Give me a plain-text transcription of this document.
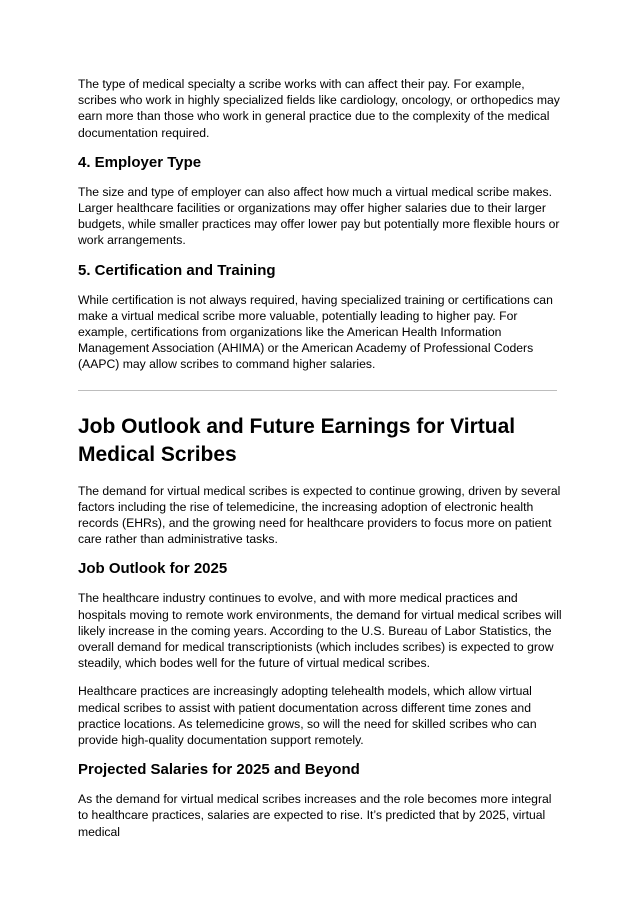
The type of medical specialty a scribe works with can affect their pay. For example, scribes who work in highly specialized fields like cardiology, oncology, or orthopedics may earn more than those who work in general practice due to the complexity of the medical documentation required.

4. Employer Type

The size and type of employer can also affect how much a virtual medical scribe makes. Larger healthcare facilities or organizations may offer higher salaries due to their larger budgets, while smaller practices may offer lower pay but potentially more flexible hours or work arrangements.

5. Certification and Training

While certification is not always required, having specialized training or certifications can make a virtual medical scribe more valuable, potentially leading to higher pay. For example, certifications from organizations like the American Health Information Management Association (AHIMA) or the American Academy of Professional Coders (AAPC) may allow scribes to command higher salaries.

Job Outlook and Future Earnings for Virtual Medical Scribes

The demand for virtual medical scribes is expected to continue growing, driven by several factors including the rise of telemedicine, the increasing adoption of electronic health records (EHRs), and the growing need for healthcare providers to focus more on patient care rather than administrative tasks.

Job Outlook for 2025

The healthcare industry continues to evolve, and with more medical practices and hospitals moving to remote work environments, the demand for virtual medical scribes will likely increase in the coming years. According to the U.S. Bureau of Labor Statistics, the overall demand for medical transcriptionists (which includes scribes) is expected to grow steadily, which bodes well for the future of virtual medical scribes.

Healthcare practices are increasingly adopting telehealth models, which allow virtual medical scribes to assist with patient documentation across different time zones and practice locations. As telemedicine grows, so will the need for skilled scribes who can provide high-quality documentation support remotely.

Projected Salaries for 2025 and Beyond

As the demand for virtual medical scribes increases and the role becomes more integral to healthcare practices, salaries are expected to rise. It’s predicted that by 2025, virtual medical
